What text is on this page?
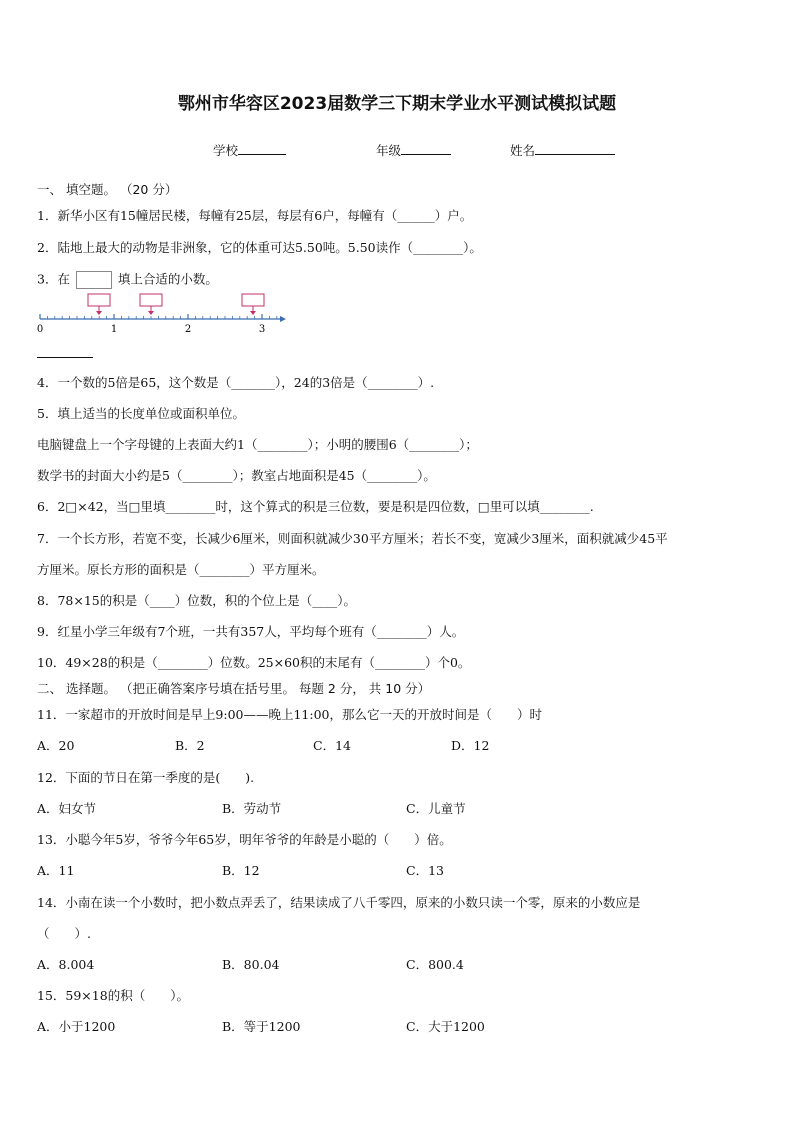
鄂州市华容区2023届数学三下期末学业水平测试模拟试题
学校	年级	姓名
一、 填空题。 （20 分）
1．新华小区有15幢居民楼，每幢有25层，每层有6户，每幢有（______）户。
2．陆地上最大的动物是非洲象，它的体重可达5.50吨。5.50读作（________）。
3．在	填上合适的小数。
0	1	2	3
4．一个数的5倍是65，这个数是（_______），24的3倍是（________）.
5．填上适当的长度单位或面积单位。
电脑键盘上一个字母键的上表面大约1（________）；小明的腰围6（________）；
数学书的封面大小约是5（________）；教室占地面积是45（________）。
6．2□×42，当□里填________时，这个算式的积是三位数，要是积是四位数，□里可以填________.
7．一个长方形，若宽不变，长减少6厘米，则面积就减少30平方厘米；若长不变，宽减少3厘米，面积就减少45平
方厘米。原长方形的面积是（________）平方厘米。
8．78×15的积是（____）位数，积的个位上是（____）。
9．红星小学三年级有7个班，一共有357人，平均每个班有（________）人。
10．49×28的积是（________）位数。25×60积的末尾有（________）个0。
二、 选择题。 （把正确答案序号填在括号里。 每题 2 分， 共 10 分）
11．一家超市的开放时间是早上9:00——晚上11:00，那么它一天的开放时间是（　　）时
A．20	B．2	C．14	D．12
12．下面的节日在第一季度的是(　　).
A．妇女节	B．劳动节	C．儿童节
13．小聪今年5岁，爷爷今年65岁，明年爷爷的年龄是小聪的（　　）倍。
A．11	B．12	C．13
14．小南在读一个小数时，把小数点弄丢了，结果读成了八千零四，原来的小数只读一个零，原来的小数应是
（　　）.
A．8.004	B．80.04	C．800.4
15．59×18的积（　　）。
A．小于1200	B．等于1200	C．大于1200
